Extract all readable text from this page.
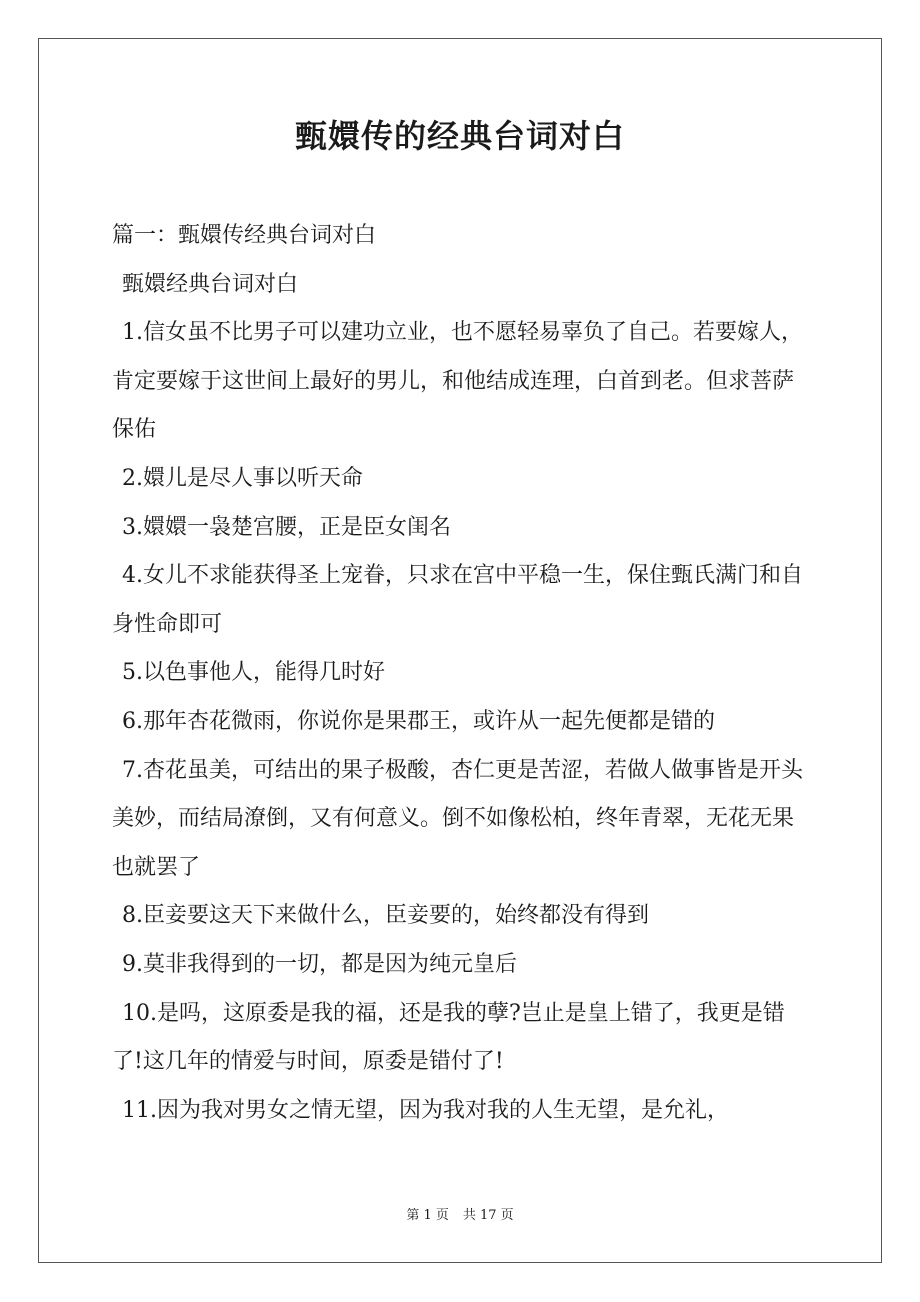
甄嬛传的经典台词对白

篇一：甄嬛传经典台词对白

甄嬛经典台词对白

1.信女虽不比男子可以建功立业，也不愿轻易辜负了自己。若要嫁人，肯定要嫁于这世间上最好的男儿，和他结成连理，白首到老。但求菩萨保佑

2.嬛儿是尽人事以听天命

3.嬛嬛一袅楚宫腰，正是臣女闺名

4.女儿不求能获得圣上宠眷，只求在宫中平稳一生，保住甄氏满门和自身性命即可

5.以色事他人，能得几时好

6.那年杏花微雨，你说你是果郡王，或许从一起先便都是错的

7.杏花虽美，可结出的果子极酸，杏仁更是苦涩，若做人做事皆是开头美妙，而结局潦倒，又有何意义。倒不如像松柏，终年青翠，无花无果也就罢了

8.臣妾要这天下来做什么，臣妾要的，始终都没有得到

9.莫非我得到的一切，都是因为纯元皇后

10.是吗，这原委是我的福，还是我的孽?岂止是皇上错了，我更是错了!这几年的情爱与时间，原委是错付了!

11.因为我对男女之情无望，因为我对我的人生无望，是允礼，

第 1 页 共 17 页
